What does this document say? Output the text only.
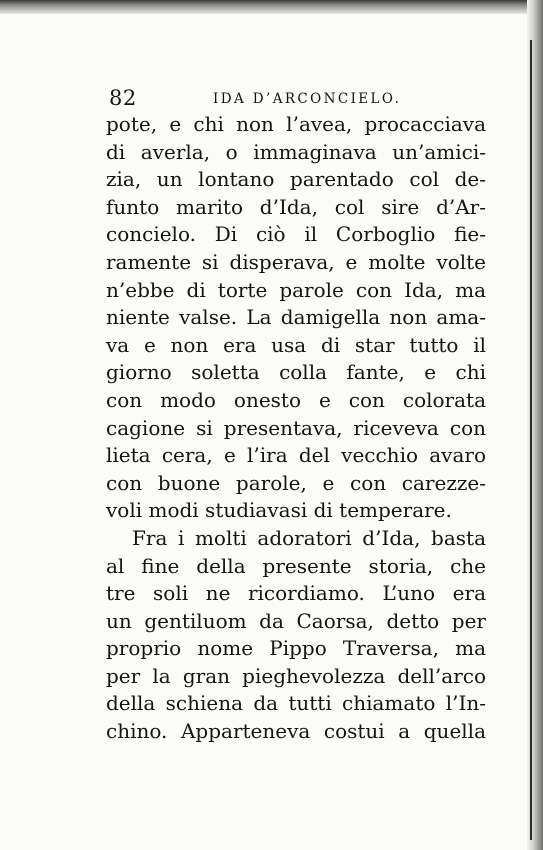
82	IDA D’ARCONCIELO.
pote, e chi non l’avea, procacciava
di averla, o immaginava un’amici-
zia, un lontano parentado col de-
funto marito d’Ida, col sire d’Ar-
concielo. Di ciò il Corboglio fie-
ramente si disperava, e molte volte
n’ebbe di torte parole con Ida, ma
niente valse. La damigella non ama-
va e non era usa di star tutto il
giorno soletta colla fante, e chi
con modo onesto e con colorata
cagione si presentava, riceveva con
lieta cera, e l’ira del vecchio avaro
con buone parole, e con carezze-
voli modi studiavasi di temperare.
Fra i molti adoratori d’Ida, basta
al fine della presente storia, che
tre soli ne ricordiamo. L’uno era
un gentiluom da Caorsa, detto per
proprio nome Pippo Traversa, ma
per la gran pieghevolezza dell’arco
della schiena da tutti chiamato l’In-
chino. Apparteneva costui a quella
